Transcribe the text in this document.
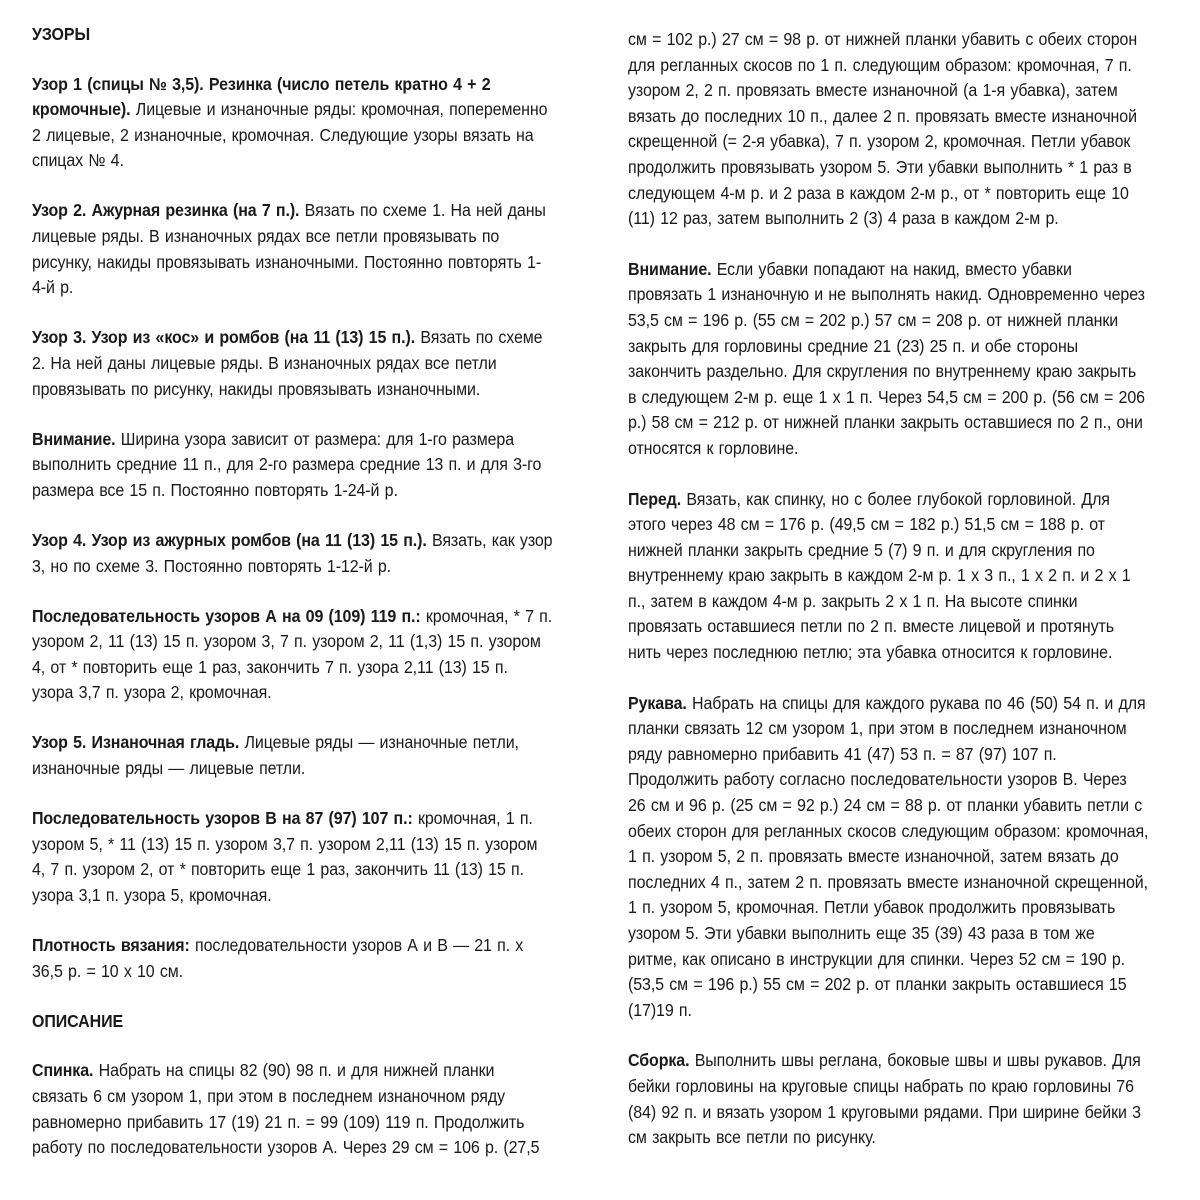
УЗОРЫ
Узор 1 (спицы № 3,5). Резинка (число петель кратно 4 + 2 кромочные). Лицевые и изнаночные ряды: кромочная, попеременно 2 лицевые, 2 изнаночные, кромочная. Следующие узоры вязать на спицах № 4.
Узор 2. Ажурная резинка (на 7 п.). Вязать по схеме 1. На ней даны лицевые ряды. В изнаночных рядах все петли провязывать по рисунку, накиды провязывать изнаночными. Постоянно повторять 1-4-й р.
Узор 3. Узор из «кос» и ромбов (на 11 (13) 15 п.). Вязать по схеме 2. На ней даны лицевые ряды. В изнаночных рядах все петли провязывать по рисунку, накиды провязывать изнаночными.
Внимание. Ширина узора зависит от размера: для 1-го размера выполнить средние 11 п., для 2-го размера средние 13 п. и для 3-го размера все 15 п. Постоянно повторять 1-24-й р.
Узор 4. Узор из ажурных ромбов (на 11 (13) 15 п.). Вязать, как узор 3, но по схеме 3. Постоянно повторять 1-12-й р.
Последовательность узоров А на 09 (109) 119 п.: кромочная, * 7 п. узором 2, 11 (13) 15 п. узором 3, 7 п. узором 2, 11 (1,3) 15 п. узором 4, от * повторить еще 1 раз, закончить 7 п. узора 2,11 (13) 15 п. узора 3,7 п. узора 2, кромочная.
Узор 5. Изнаночная гладь. Лицевые ряды — изнаночные петли, изнаночные ряды — лицевые петли.
Последовательность узоров В на 87 (97) 107 п.: кромочная, 1 п. узором 5, * 11 (13) 15 п. узором 3,7 п. узором 2,11 (13) 15 п. узором 4, 7 п. узором 2, от * повторить еще 1 раз, закончить 11 (13) 15 п. узора 3,1 п. узора 5, кромочная.
Плотность вязания: последовательности узоров А и В — 21 п. х 36,5 р. = 10 х 10 см.
ОПИСАНИЕ
Спинка. Набрать на спицы 82 (90) 98 п. и для нижней планки связать 6 см узором 1, при этом в последнем изнаночном ряду равномерно прибавить 17 (19) 21 п. = 99 (109) 119 п. Продолжить работу по последовательности узоров А. Через 29 см = 106 р. (27,5
см = 102 р.) 27 см = 98 р. от нижней планки убавить с обеих сторон для регланных скосов по 1 п. следующим образом: кромочная, 7 п. узором 2, 2 п. провязать вместе изнаночной (а 1-я убавка), затем вязать до последних 10 п., далее 2 п. провязать вместе изнаночной скрещенной (= 2-я убавка), 7 п. узором 2, кромочная. Петли убавок продолжить провязывать узором 5. Эти убавки выполнить * 1 раз в следующем 4-м р. и 2 раза в каждом 2-м р., от * повторить еще 10 (11) 12 раз, затем выполнить 2 (3) 4 раза в каждом 2-м р.
Внимание. Если убавки попадают на накид, вместо убавки провязать 1 изнаночную и не выполнять накид. Одновременно через 53,5 см = 196 р. (55 см = 202 р.) 57 см = 208 р. от нижней планки закрыть для горловины средние 21 (23) 25 п. и обе стороны закончить раздельно. Для скругления по внутреннему краю закрыть в следующем 2-м р. еще 1 х 1 п. Через 54,5 см = 200 р. (56 см = 206 р.) 58 см = 212 р. от нижней планки закрыть оставшиеся по 2 п., они относятся к горловине.
Перед. Вязать, как спинку, но с более глубокой горловиной. Для этого через 48 см = 176 р. (49,5 см = 182 р.) 51,5 см = 188 р. от нижней планки закрыть средние 5 (7) 9 п. и для скругления по внутреннему краю закрыть в каждом 2-м р. 1 х 3 п., 1 х 2 п. и 2 х 1 п., затем в каждом 4-м р. закрыть 2 х 1 п. На высоте спинки провязать оставшиеся петли по 2 п. вместе лицевой и протянуть нить через последнюю петлю; эта убавка относится к горловине.
Рукава. Набрать на спицы для каждого рукава по 46 (50) 54 п. и для планки связать 12 см узором 1, при этом в последнем изнаночном ряду равномерно прибавить 41 (47) 53 п. = 87 (97) 107 п. Продолжить работу согласно последовательности узоров В. Через 26 см и 96 р. (25 см = 92 р.) 24 см = 88 р. от планки убавить петли с обеих сторон для регланных скосов следующим образом: кромочная, 1 п. узором 5, 2 п. провязать вместе изнаночной, затем вязать до последних 4 п., затем 2 п. провязать вместе изнаночной скрещенной, 1 п. узором 5, кромочная. Петли убавок продолжить провязывать узором 5. Эти убавки выполнить еще 35 (39) 43 раза в том же ритме, как описано в инструкции для спинки. Через 52 см = 190 р. (53,5 см = 196 р.) 55 см = 202 р. от планки закрыть оставшиеся 15 (17)19 п.
Сборка. Выполнить швы реглана, боковые швы и швы рукавов. Для бейки горловины на круговые спицы набрать по краю горловины 76 (84) 92 п. и вязать узором 1 круговыми рядами. При ширине бейки 3 см закрыть все петли по рисунку.
